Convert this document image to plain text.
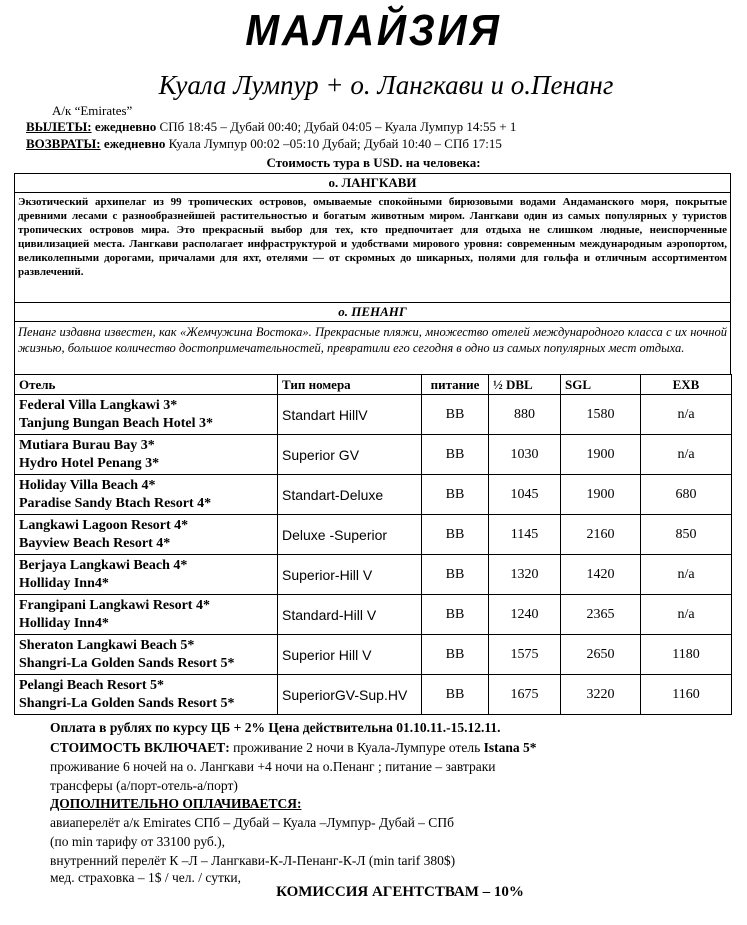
МАЛАЙЗИЯ
Куала Лумпур + о. Лангкави и о.Пенанг
А/к “Emirates”
ВЫЛЕТЫ: ежедневно СПб 18:45 – Дубай 00:40; Дубай 04:05 – Куала Лумпур 14:55 + 1
ВОЗВРАТЫ: ежедневно Куала Лумпур 00:02 –05:10 Дубай; Дубай 10:40 – СПб 17:15
Стоимость тура в USD. на человека:
о. ЛАНГКАВИ
Экзотический архипелаг из 99 тропических островов, омываемые спокойными бирюзовыми водами Андаманского моря, покрытые древними лесами с разнообразнейшей растительностью и богатым животным миром. Лангкави один из самых популярных у туристов тропических островов мира. Это прекрасный выбор для тех, кто предпочитает для отдыха не слишком людные, неиспорченные цивилизацией места. Лангкави располагает инфраструктурой и удобствами мирового уровня: современным международным аэропортом, великолепными дорогами, причалами для яхт, отелями — от скромных до шикарных, полями для гольфа и отличным ассортиментом развлечений.
о. ПЕНАНГ
Пенанг издавна известен, как «Жемчужина Востока». Прекрасные пляжи, множество отелей международного класса с их ночной жизнью, большое количество достопримечательностей, превратили его сегодня в одно из самых популярных мест отдыха.
Отель	Тип номера	питание	½ DBL	SGL	EXB

Federal Villa Langkawi 3*
Tanjung Bungan Beach Hotel 3*	Standart HillV	BB	880	1580	n/a

Mutiara Burau Bay 3*
Hydro Hotel Penang 3*	Superior GV	BB	1030	1900	n/a

Holiday Villa Beach 4*
Paradise Sandy Btach Resort 4*	Standart-Deluxe	BB	1045	1900	680

Langkawi Lagoon Resort 4*
Bayview Beach Resort 4*	Deluxe -Superior	BB	1145	2160	850

Berjaya Langkawi Beach 4*
Holliday Inn4*	Superior-Hill V	BB	1320	1420	n/a

Frangipani Langkawi Resort 4*
Holliday Inn4*	Standard-Hill V	BB	1240	2365	n/a

Sheraton Langkawi Beach 5*
Shangri-La Golden Sands Resort 5*	Superior Hill V	BB	1575	2650	1180

Pelangi Beach Resort 5*
Shangri-La Golden Sands Resort 5*	SuperiorGV-Sup.HV	BB	1675	3220	1160
Оплата в рублях по курсу ЦБ + 2% Цена действительна 01.10.11.-15.12.11.
СТОИМОСТЬ ВКЛЮЧАЕТ: проживание 2 ночи в Куала-Лумпуре отель Istana 5*
проживание 6 ночей на о. Лангкави +4 ночи на о.Пенанг ; питание – завтраки
трансферы (а/порт-отель-а/порт)
ДОПОЛНИТЕЛЬНО ОПЛАЧИВАЕТСЯ:
авиаперелёт а/к Emirates СПб – Дубай – Куала –Лумпур- Дубай – СПб
(по min тарифу от 33100 руб.),
внутренний перелёт К –Л – Лангкави-К-Л-Пенанг-К-Л (min tarif 380$)
мед. страховка – 1$ / чел. / сутки,
КОМИССИЯ АГЕНТСТВАМ – 10%
